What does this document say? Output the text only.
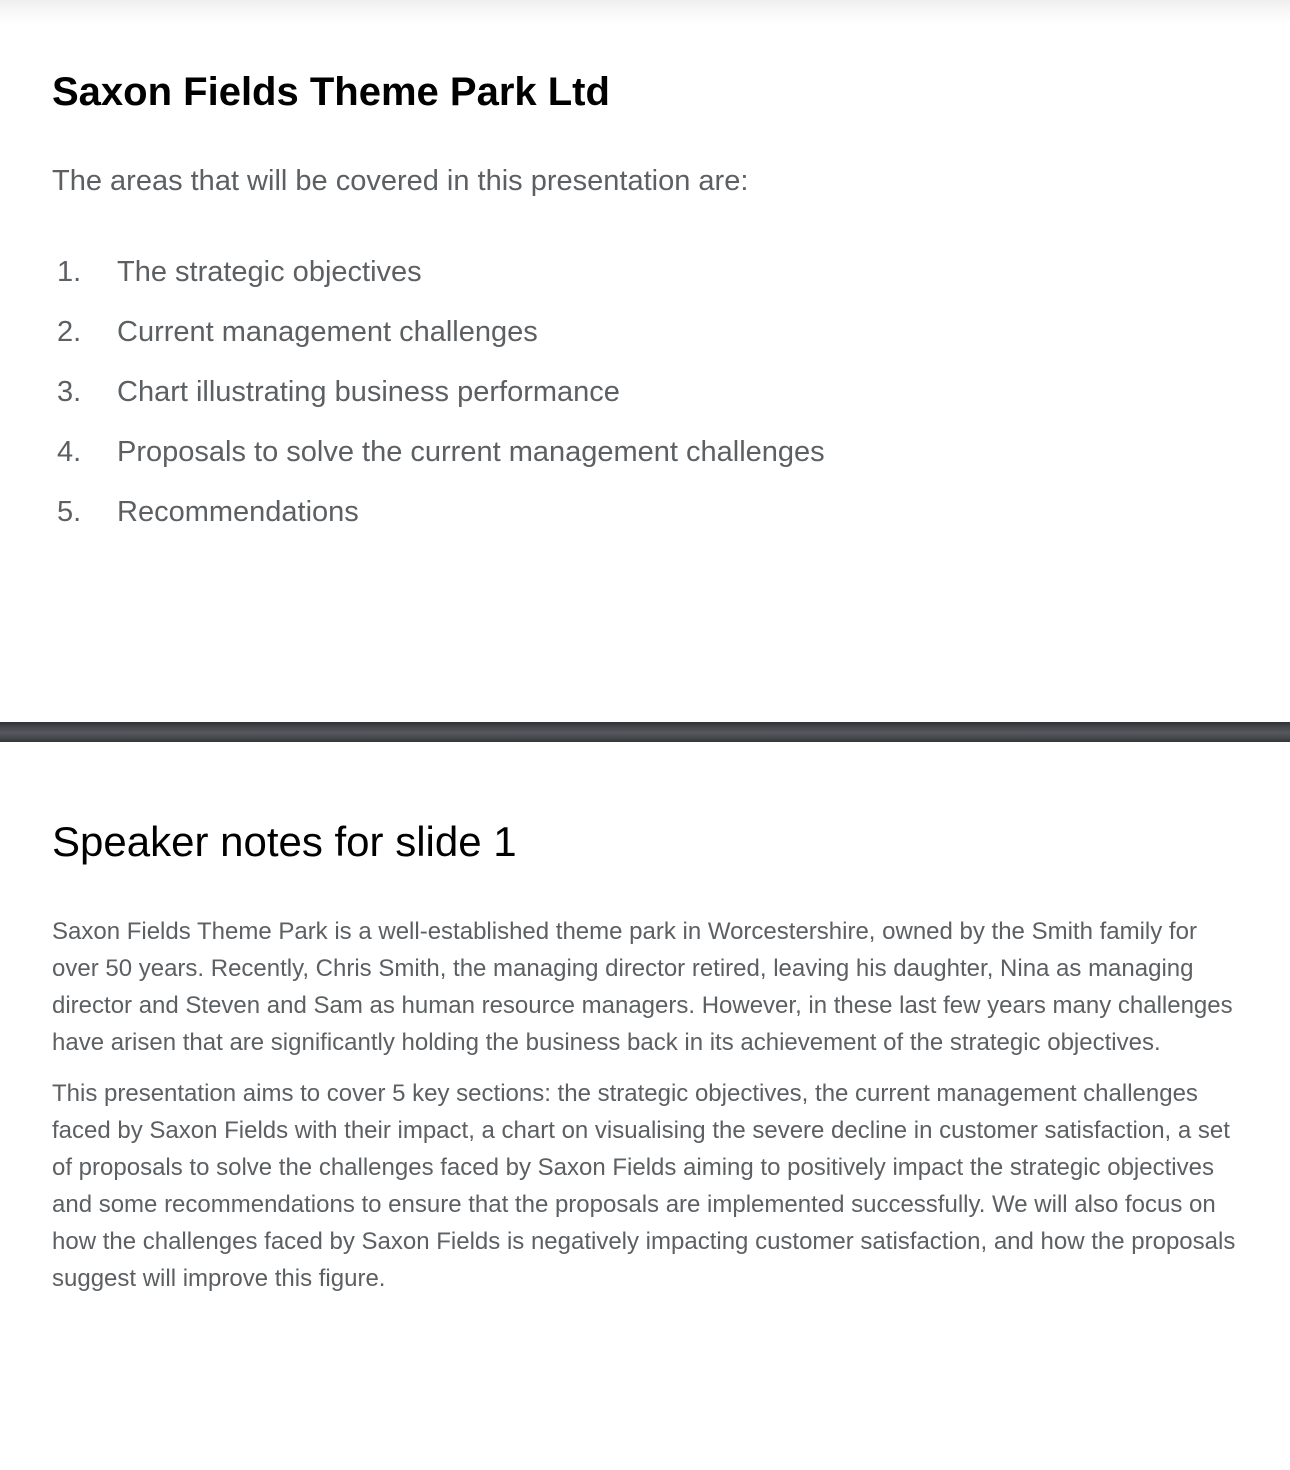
Saxon Fields Theme Park Ltd

The areas that will be covered in this presentation are:

1. The strategic objectives
2. Current management challenges
3. Chart illustrating business performance
4. Proposals to solve the current management challenges
5. Recommendations
Speaker notes for slide 1

Saxon Fields Theme Park is a well-established theme park in Worcestershire, owned by the Smith family for over 50 years. Recently, Chris Smith, the managing director retired, leaving his daughter, Nina as managing director and Steven and Sam as human resource managers. However, in these last few years many challenges have arisen that are significantly holding the business back in its achievement of the strategic objectives.

This presentation aims to cover 5 key sections: the strategic objectives, the current management challenges faced by Saxon Fields with their impact, a chart on visualising the severe decline in customer satisfaction, a set of proposals to solve the challenges faced by Saxon Fields aiming to positively impact the strategic objectives and some recommendations to ensure that the proposals are implemented successfully. We will also focus on how the challenges faced by Saxon Fields is negatively impacting customer satisfaction, and how the proposals suggest will improve this figure.
